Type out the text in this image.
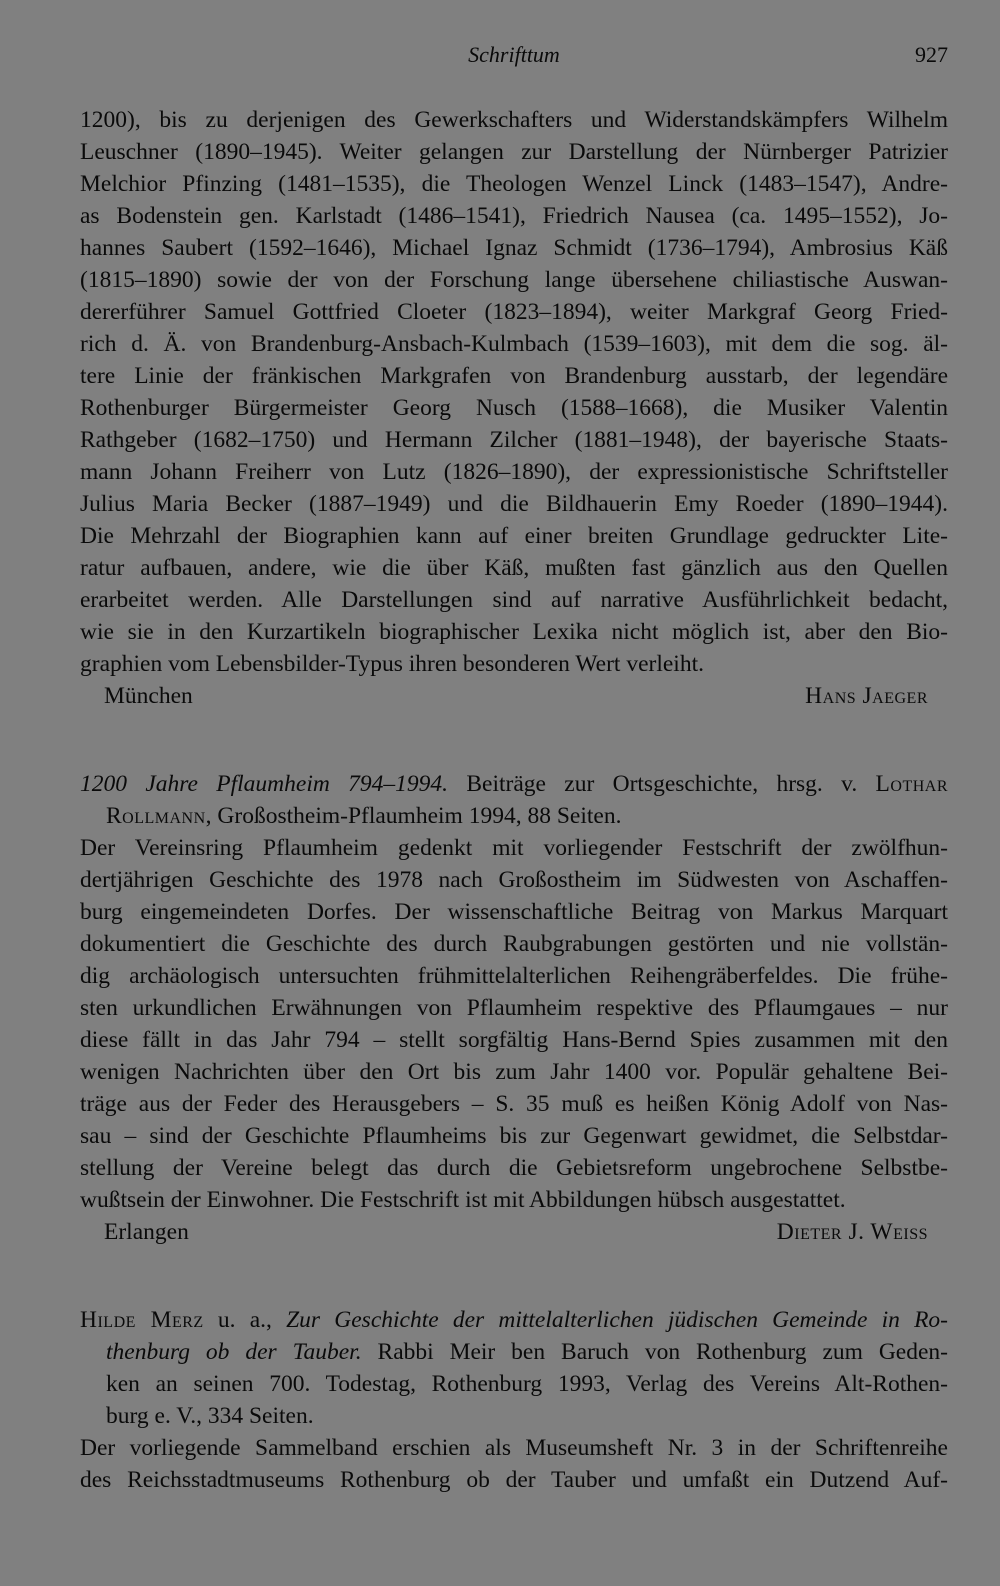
Schrifttum	927
1200), bis zu derjenigen des Gewerkschafters und Widerstandskämpfers Wilhelm
Leuschner (1890–1945). Weiter gelangen zur Darstellung der Nürnberger Patrizier
Melchior Pfinzing (1481–1535), die Theologen Wenzel Linck (1483–1547), Andre-
as Bodenstein gen. Karlstadt (1486–1541), Friedrich Nausea (ca. 1495–1552), Jo-
hannes Saubert (1592–1646), Michael Ignaz Schmidt (1736–1794), Ambrosius Käß
(1815–1890) sowie der von der Forschung lange übersehene chiliastische Auswan-
dererführer Samuel Gottfried Cloeter (1823–1894), weiter Markgraf Georg Fried-
rich d. Ä. von Brandenburg-Ansbach-Kulmbach (1539–1603), mit dem die sog. äl-
tere Linie der fränkischen Markgrafen von Brandenburg ausstarb, der legendäre
Rothenburger Bürgermeister Georg Nusch (1588–1668), die Musiker Valentin
Rathgeber (1682–1750) und Hermann Zilcher (1881–1948), der bayerische Staats-
mann Johann Freiherr von Lutz (1826–1890), der expressionistische Schriftsteller
Julius Maria Becker (1887–1949) und die Bildhauerin Emy Roeder (1890–1944).
Die Mehrzahl der Biographien kann auf einer breiten Grundlage gedruckter Lite-
ratur aufbauen, andere, wie die über Käß, mußten fast gänzlich aus den Quellen
erarbeitet werden. Alle Darstellungen sind auf narrative Ausführlichkeit bedacht,
wie sie in den Kurzartikeln biographischer Lexika nicht möglich ist, aber den Bio-
graphien vom Lebensbilder-Typus ihren besonderen Wert verleiht.
München	Hans Jaeger
1200 Jahre Pflaumheim 794–1994. Beiträge zur Ortsgeschichte, hrsg. v. Lothar
Rollmann, Großostheim-Pflaumheim 1994, 88 Seiten.
Der Vereinsring Pflaumheim gedenkt mit vorliegender Festschrift der zwölfhun-
dertjährigen Geschichte des 1978 nach Großostheim im Südwesten von Aschaffen-
burg eingemeindeten Dorfes. Der wissenschaftliche Beitrag von Markus Marquart
dokumentiert die Geschichte des durch Raubgrabungen gestörten und nie vollstän-
dig archäologisch untersuchten frühmittelalterlichen Reihengräberfeldes. Die frühe-
sten urkundlichen Erwähnungen von Pflaumheim respektive des Pflaumgaues – nur
diese fällt in das Jahr 794 – stellt sorgfältig Hans-Bernd Spies zusammen mit den
wenigen Nachrichten über den Ort bis zum Jahr 1400 vor. Populär gehaltene Bei-
träge aus der Feder des Herausgebers – S. 35 muß es heißen König Adolf von Nas-
sau – sind der Geschichte Pflaumheims bis zur Gegenwart gewidmet, die Selbstdar-
stellung der Vereine belegt das durch die Gebietsreform ungebrochene Selbstbe-
wußtsein der Einwohner. Die Festschrift ist mit Abbildungen hübsch ausgestattet.
Erlangen	Dieter J. Weiss
Hilde Merz u. a., Zur Geschichte der mittelalterlichen jüdischen Gemeinde in Ro-
thenburg ob der Tauber. Rabbi Meir ben Baruch von Rothenburg zum Geden-
ken an seinen 700. Todestag, Rothenburg 1993, Verlag des Vereins Alt-Rothen-
burg e. V., 334 Seiten.
Der vorliegende Sammelband erschien als Museumsheft Nr. 3 in der Schriftenreihe
des Reichsstadtmuseums Rothenburg ob der Tauber und umfaßt ein Dutzend Auf-
